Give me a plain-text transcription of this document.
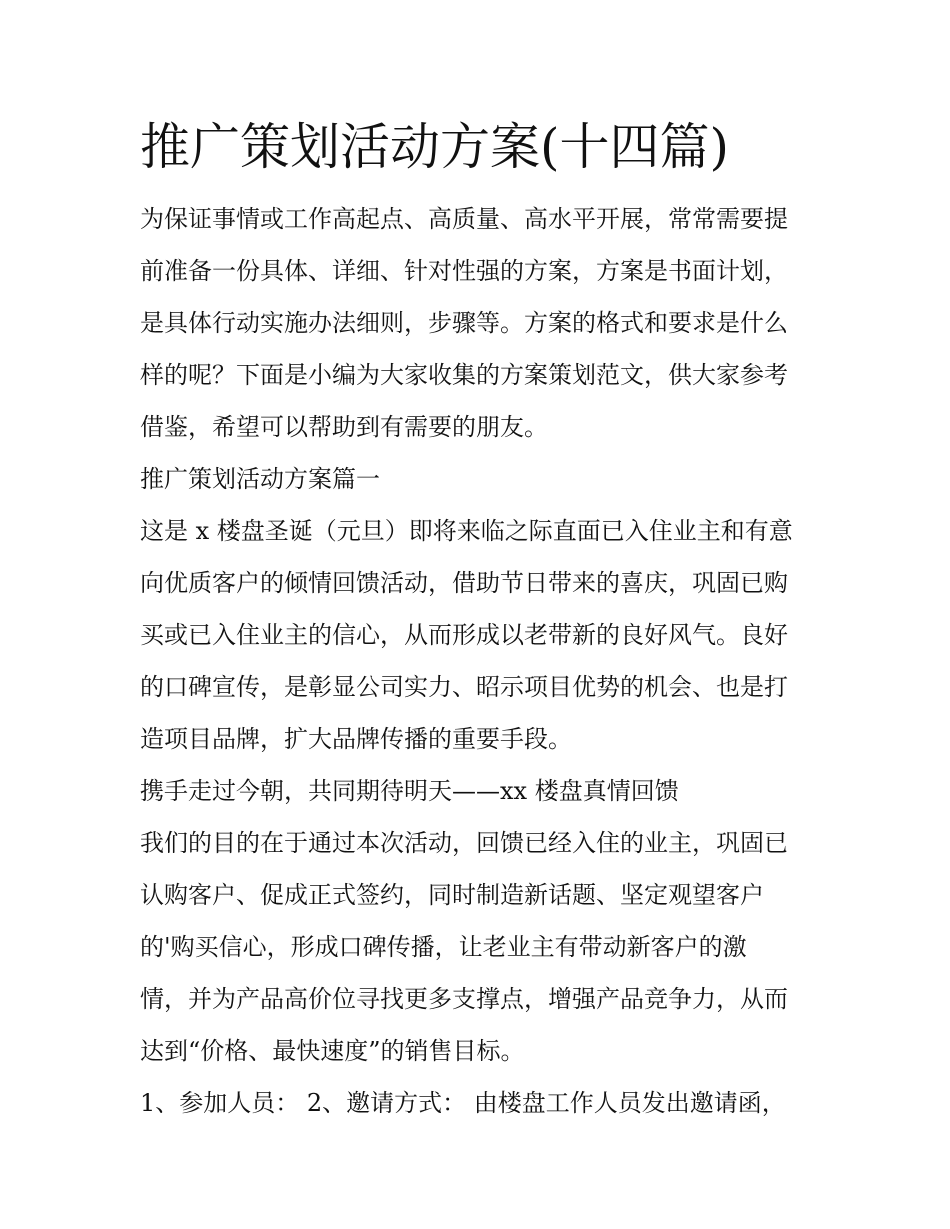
推广策划活动方案(十四篇)
为保证事情或工作高起点、高质量、高水平开展，常常需要提
前准备一份具体、详细、针对性强的方案，方案是书面计划，
是具体行动实施办法细则，步骤等。方案的格式和要求是什么
样的呢？下面是小编为大家收集的方案策划范文，供大家参考
借鉴，希望可以帮助到有需要的朋友。
推广策划活动方案篇一
这是 x 楼盘圣诞（元旦）即将来临之际直面已入住业主和有意
向优质客户的倾情回馈活动，借助节日带来的喜庆，巩固已购
买或已入住业主的信心，从而形成以老带新的良好风气。良好
的口碑宣传，是彰显公司实力、昭示项目优势的机会、也是打
造项目品牌，扩大品牌传播的重要手段。
携手走过今朝，共同期待明天——xx 楼盘真情回馈
我们的目的在于通过本次活动，回馈已经入住的业主，巩固已
认购客户、促成正式签约，同时制造新话题、坚定观望客户
的'购买信心，形成口碑传播，让老业主有带动新客户的激
情，并为产品高价位寻找更多支撑点，增强产品竞争力，从而
达到“价格、最快速度”的销售目标。
1、参加人员： 2、邀请方式： 由楼盘工作人员发出邀请函，
